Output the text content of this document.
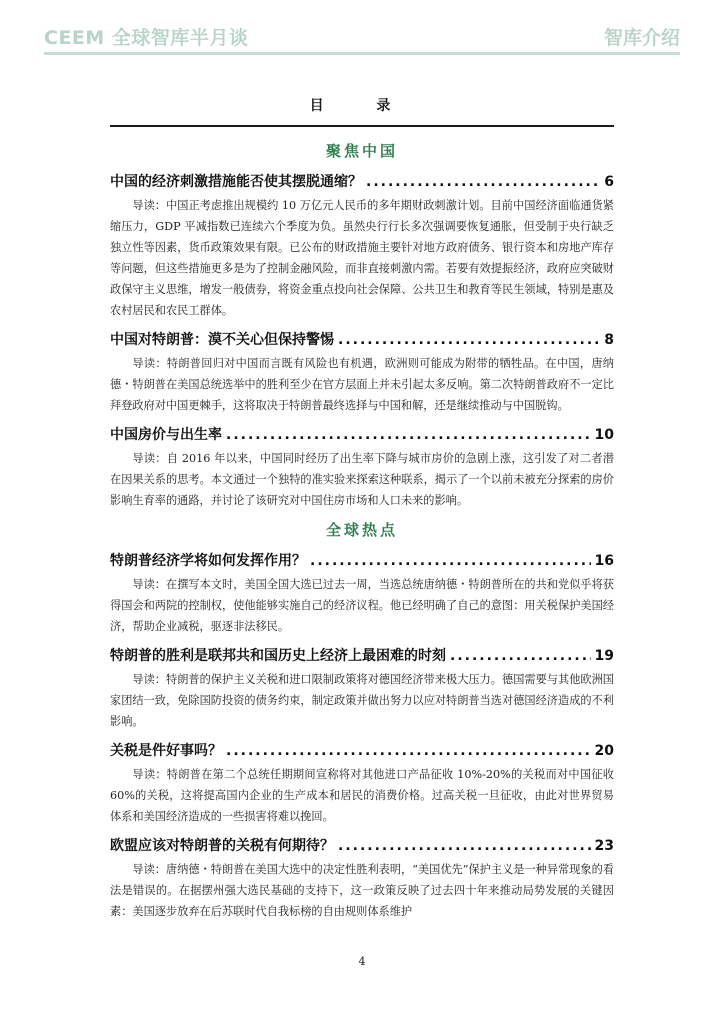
CEEM 全球智库半月谈	智库介绍
目 录
聚焦中国
中国的经济刺激措施能否使其摆脱通缩？ .....	6
导读：中国正考虑推出规模约 10 万亿元人民币的多年期财政刺激计划。目前中国经济面临通货紧缩压力，GDP 平减指数已连续六个季度为负。虽然央行行长多次强调要恢复通胀，但受制于央行缺乏独立性等因素，货币政策效果有限。已公布的财政措施主要针对地方政府债务、银行资本和房地产库存等问题，但这些措施更多是为了控制金融风险，而非直接刺激内需。若要有效提振经济，政府应突破财政保守主义思维，增发一般债券，将资金重点投向社会保障、公共卫生和教育等民生领域，特别是惠及农村居民和农民工群体。
中国对特朗普：漠不关心但保持警惕 .....	8
导读：特朗普回归对中国而言既有风险也有机遇，欧洲则可能成为附带的牺牲品。在中国，唐纳德・特朗普在美国总统选举中的胜利至少在官方层面上并未引起太多反响。第二次特朗普政府不一定比拜登政府对中国更棘手，这将取决于特朗普最终选择与中国和解，还是继续推动与中国脱钩。
中国房价与出生率 .....	10
导读：自 2016 年以来，中国同时经历了出生率下降与城市房价的急剧上涨，这引发了对二者潜在因果关系的思考。本文通过一个独特的准实验来探索这种联系，揭示了一个以前未被充分探索的房价影响生育率的通路，并讨论了该研究对中国住房市场和人口未来的影响。
全球热点
特朗普经济学将如何发挥作用？ .....	16
导读：在撰写本文时，美国全国大选已过去一周，当选总统唐纳德・特朗普所在的共和党似乎将获得国会和两院的控制权，使他能够实施自己的经济议程。他已经明确了自己的意图：用关税保护美国经济，帮助企业减税，驱逐非法移民。
特朗普的胜利是联邦共和国历史上经济上最困难的时刻 .....	19
导读：特朗普的保护主义关税和进口限制政策将对德国经济带来极大压力。德国需要与其他欧洲国家团结一致，免除国防投资的债务约束，制定政策并做出努力以应对特朗普当选对德国经济造成的不利影响。
关税是件好事吗？ .....	20
导读：特朗普在第二个总统任期期间宣称将对其他进口产品征收 10%-20%的关税而对中国征收 60%的关税，这将提高国内企业的生产成本和居民的消费价格。过高关税一旦征收，由此对世界贸易体系和美国经济造成的一些损害将难以挽回。
欧盟应该对特朗普的关税有何期待？ .....	23
导读：唐纳德・特朗普在美国大选中的决定性胜利表明，“美国优先”保护主义是一种异常现象的看法是错误的。在据摆州强大选民基础的支持下，这一政策反映了过去四十年来推动局势发展的关键因素：美国逐步放弃在后苏联时代自我标榜的自由规则体系维护
4
